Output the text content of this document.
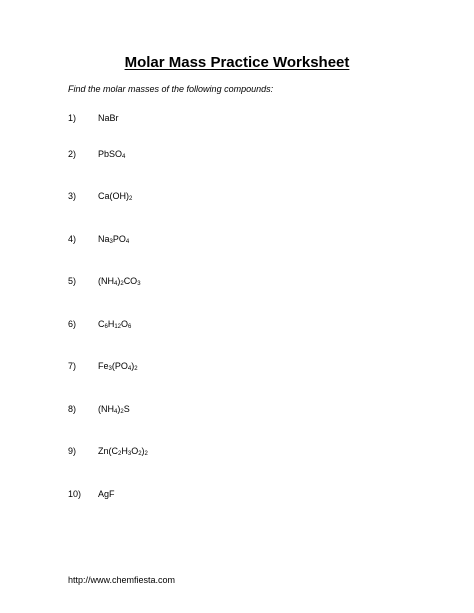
Molar Mass Practice Worksheet
Find the molar masses of the following compounds:
1) NaBr
2) PbSO$_4$
3) $Ca(OH)_2$
4) $Na_3PO_4$
5) $(NH_4)_2CO_3$
6) $C_6H_{12}O_6$
7) $Fe_3(PO_4)_2$
8) $(NH_4)_2S$
9) $Zn(C_2H_3O_2)_2$
10) AgF
http://www.chemfiesta.com
